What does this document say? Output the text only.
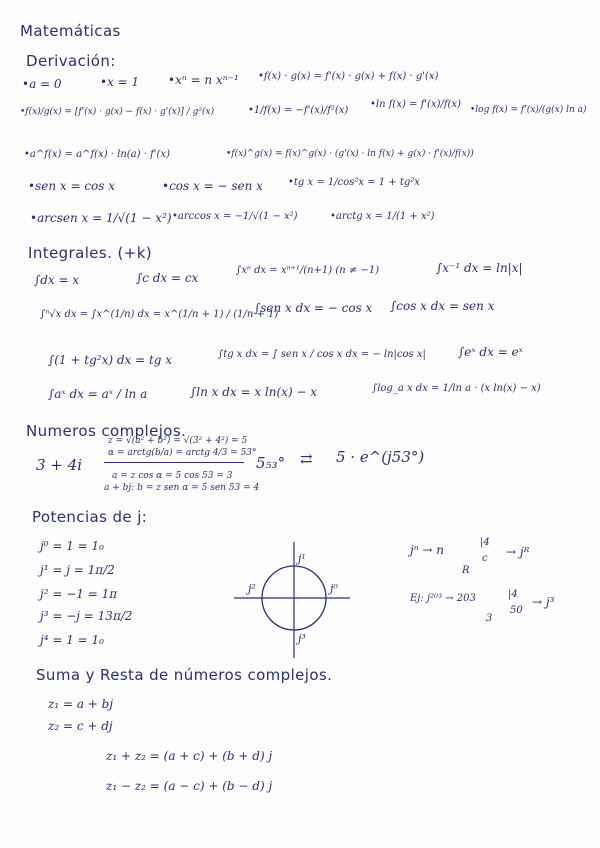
Matemáticas
Derivación:
•a = 0	•x = 1 •xⁿ = n xⁿ⁻¹ •f(x) · g(x) = f'(x) · g(x) + f(x) · g'(x)
•f(x)/g(x) = [f'(x) · g(x) − f(x) · g'(x)] / g²(x)	•1/f(x) = −f'(x)/f²(x)
•ln f(x) = f'(x)/f(x) •log f(x) = f'(x)/(g(x) ln a)
•a^f(x) = a^f(x) · ln(a) · f'(x)	•f(x)^g(x) = f(x)^g(x) · (g'(x) · ln f(x) + g(x) · f'(x)/f(x))
•sen x = cos x	•cos x = − sen x	•tg x = 1/cos²x = 1 + tg²x
•arcsen x = 1/√(1 − x²) •arccos x = −1/√(1 − x²)	•arctg x = 1/(1 + x²)
Integrales. (+k)
∫dx = x	∫c dx = cx
∫xⁿ dx = xⁿ⁺¹/(n+1) (n ≠ −1)	∫x⁻¹ dx = ln|x|
∫ⁿ√x dx = ∫x^(1/n) dx = x^(1/n + 1) / (1/n + 1)
∫sen x dx = − cos x ∫cos x dx = sen x
∫(1 + tg²x) dx = tg x	∫tg x dx = ∫ sen x / cos x dx = − ln|cos x|	∫eˣ dx = eˣ
∫aˣ dx = aˣ / ln a	∫ln x dx = x ln(x) − x	∫log_a x dx = 1/ln a · (x ln(x) − x)
Numeros complejos.
3 + 4i
z = √(a² + b²) = √(3² + 4²) = 5
α = arctg(b/a) = arctg 4/3 = 53°
a = z cos α = 5 cos 53 = 3
a + bj: b = z sen α = 5 sen 53 = 4
5₅₃° ⇄ 5 · e^(j53°)
Potencias de j:
j⁰ = 1 = 1₀
j¹ = j = 1π/2
j² = −1 = 1π
j³ = −j = 13π/2
j⁴ = 1 = 1₀
j¹
j²	j⁰
j³
jⁿ → n
|4
c → jᴿ
R
Ej: j²⁰³ → 203	|4
50
→ j³
3
Suma y Resta de números complejos.
z₁ = a + bj
z₂ = c + dj
z₁ + z₂ = (a + c) + (b + d) j
z₁ − z₂ = (a − c) + (b − d) j
